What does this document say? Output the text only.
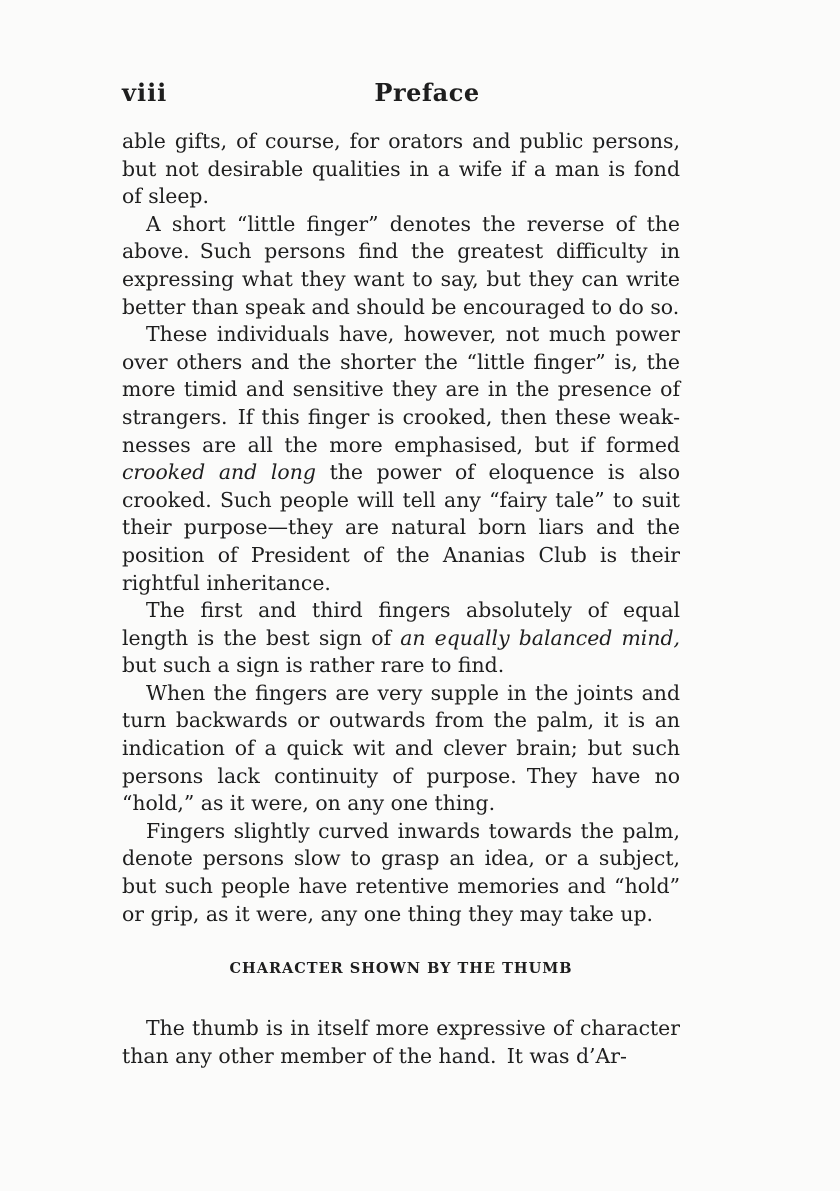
viii	Preface

able gifts, of course, for orators and public persons, but not desirable qualities in a wife if a man is fond of sleep.

A short “little finger” denotes the reverse of the above. Such persons find the greatest difficulty in expressing what they want to say, but they can write better than speak and should be encouraged to do so.

These individuals have, however, not much power over others and the shorter the “little finger” is, the more timid and sensitive they are in the presence of strangers. If this finger is crooked, then these weaknesses are all the more emphasised, but if formed crooked and long the power of eloquence is also crooked. Such people will tell any “fairy tale” to suit their purpose—they are natural born liars and the position of President of the Ananias Club is their rightful inheritance.

The first and third fingers absolutely of equal length is the best sign of an equally balanced mind, but such a sign is rather rare to find.

When the fingers are very supple in the joints and turn backwards or outwards from the palm, it is an indication of a quick wit and clever brain; but such persons lack continuity of purpose. They have no “hold,” as it were, on any one thing.

Fingers slightly curved inwards towards the palm, denote persons slow to grasp an idea, or a subject, but such people have retentive memories and “hold” or grip, as it were, any one thing they may take up.

CHARACTER SHOWN BY THE THUMB

The thumb is in itself more expressive of character than any other member of the hand. It was d’Ar-
